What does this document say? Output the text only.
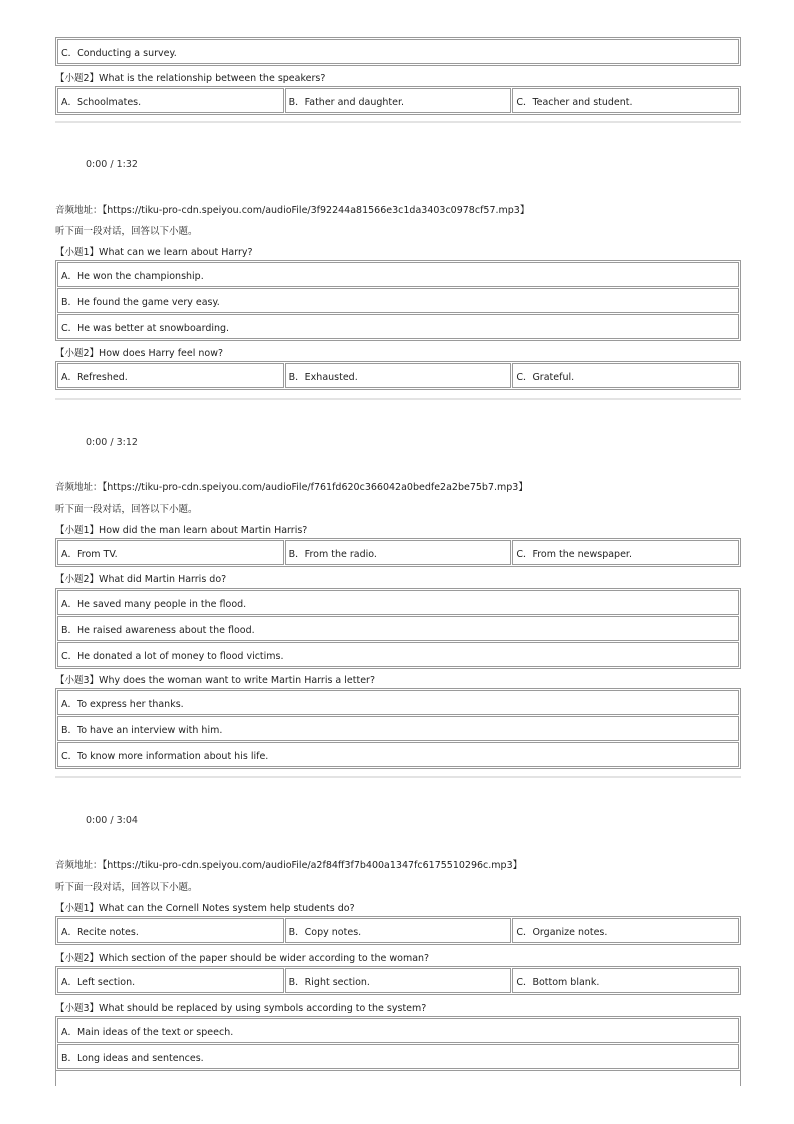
C．Conducting a survey.
【小题2】What is the relationship between the speakers?
A．Schoolmates.	B．Father and daughter.	C．Teacher and student.
0:00 / 1:32
音频地址：【https://tiku-pro-cdn.speiyou.com/audioFile/3f92244a81566e3c1da3403c0978cf57.mp3】
听下面一段对话，回答以下小题。
【小题1】What can we learn about Harry?
A．He won the championship.
B．He found the game very easy.
C．He was better at snowboarding.
【小题2】How does Harry feel now?
A．Refreshed.	B．Exhausted.	C．Grateful.
0:00 / 3:12
音频地址：【https://tiku-pro-cdn.speiyou.com/audioFile/f761fd620c366042a0bedfe2a2be75b7.mp3】
听下面一段对话，回答以下小题。
【小题1】How did the man learn about Martin Harris?
A．From TV.	B．From the radio.	C．From the newspaper.
【小题2】What did Martin Harris do?
A．He saved many people in the flood.
B．He raised awareness about the flood.
C．He donated a lot of money to flood victims.
【小题3】Why does the woman want to write Martin Harris a letter?
A．To express her thanks.
B．To have an interview with him.
C．To know more information about his life.
0:00 / 3:04
音频地址：【https://tiku-pro-cdn.speiyou.com/audioFile/a2f84ff3f7b400a1347fc6175510296c.mp3】
听下面一段对话，回答以下小题。
【小题1】What can the Cornell Notes system help students do?
A．Recite notes.	B．Copy notes.	C．Organize notes.
【小题2】Which section of the paper should be wider according to the woman?
A．Left section.	B．Right section.	C．Bottom blank.
【小题3】What should be replaced by using symbols according to the system?
A．Main ideas of the text or speech.
B．Long ideas and sentences.
